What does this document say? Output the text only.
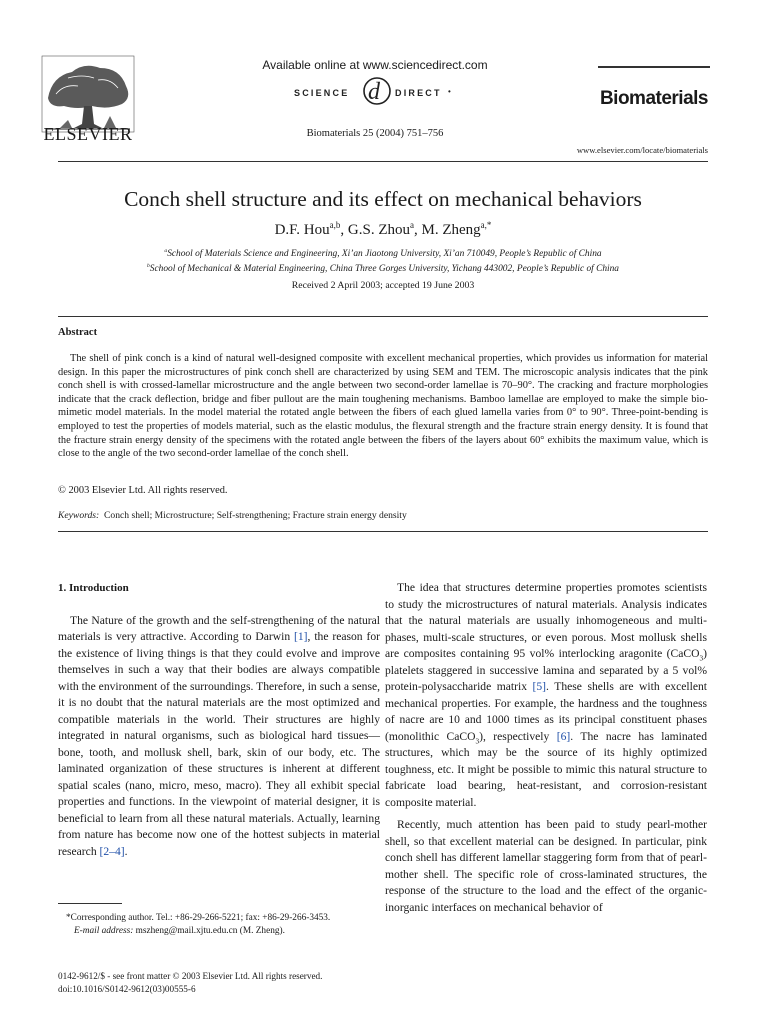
ELSEVIER
Available online at www.sciencedirect.com
SCIENCE d DIRECT •
Biomaterials 25 (2004) 751–756
Biomaterials
www.elsevier.com/locate/biomaterials
Conch shell structure and its effect on mechanical behaviors
D.F. Hou$^{a,b}$, G.S. Zhou$^a$, M. Zheng$^{a,*}$
$^a$School of Materials Science and Engineering, Xi’an Jiaotong University, Xi’an 710049, People’s Republic of China
$^b$School of Mechanical & Material Engineering, China Three Gorges University, Yichang 443002, People’s Republic of China
Received 2 April 2003; accepted 19 June 2003
Abstract
The shell of pink conch is a kind of natural well-designed composite with excellent mechanical properties, which provides us information for material design. In this paper the microstructures of pink conch shell are characterized by using SEM and TEM. The microscopic analysis indicates that the pink conch shell is with crossed-lamellar microstructure and the angle between two second-order lamellae is 70–90°. The cracking and fracture morphologies indicate that the crack deflection, bridge and fiber pullout are the main toughening mechanisms. Bamboo lamellae are employed to make the simple bio-mimetic model materials. In the model material the rotated angle between the fibers of each glued lamella varies from 0° to 90°. Three-point-bending is employed to test the properties of models material, such as the elastic modulus, the flexural strength and the fracture strain energy density. It is found that the fracture strain energy density of the specimens with the rotated angle between the fibers of the layers about 60° exhibits the maximum value, which is close to the angle of the two second-order lamellae of the conch shell.
© 2003 Elsevier Ltd. All rights reserved.
Keywords: Conch shell; Microstructure; Self-strengthening; Fracture strain energy density

1. Introduction

The Nature of the growth and the self-strengthening of the natural materials is very attractive. According to Darwin [1], the reason for the existence of living things is that they could evolve and improve themselves in such a way that their bodies are always compatible with the environment of the surroundings. Therefore, in such a sense, it is no doubt that the natural materials are the most optimized and compatible materials in the world. Their structures are highly integrated in natural organisms, such as biological hard tissues—bone, tooth, and mollusk shell, bark, skin of our body, etc. The laminated organization of these structures is inherent at different spatial scales (nano, micro, meso, macro). They all exhibit special properties and functions. In the viewpoint of material designer, it is beneficial to learn from all these natural materials. Actually, learning from nature has become now one of the hottest subjects in material research [2–4].

*Corresponding author. Tel.: +86-29-266-5221; fax: +86-29-266-3453.

E-mail address: mszheng@mail.xjtu.edu.cn (M. Zheng).

0142-9612/$ - see front matter © 2003 Elsevier Ltd. All rights reserved.
doi:10.1016/S0142-9612(03)00555-6

The idea that structures determine properties promotes scientists to study the microstructures of natural materials. Analysis indicates that the natural materials are usually inhomogeneous and multi-phases, multi-scale structures, or even porous. Most mollusk shells are composites containing 95 vol% interlocking aragonite (CaCO$_3$) platelets staggered in successive lamina and separated by a 5 vol% protein-polysaccharide matrix [5]. These shells are with excellent mechanical properties. For example, the hardness and the toughness of nacre are 10 and 1000 times as its principal constituent phases (monolithic CaCO$_3$), respectively [6]. The nacre has laminated structures, which may be the source of its highly optimized toughness, etc. It might be possible to mimic this natural structure to fabricate load bearing, heat-resistant, and corrosion-resistant composite material.

Recently, much attention has been paid to study pearl-mother shell, so that excellent material can be designed. In particular, pink conch shell has different lamellar staggering form from that of pearl-mother shell. The specific role of cross-laminated structures, the response of the structure to the load and the effect of the organic-inorganic interfaces on mechanical behavior of
